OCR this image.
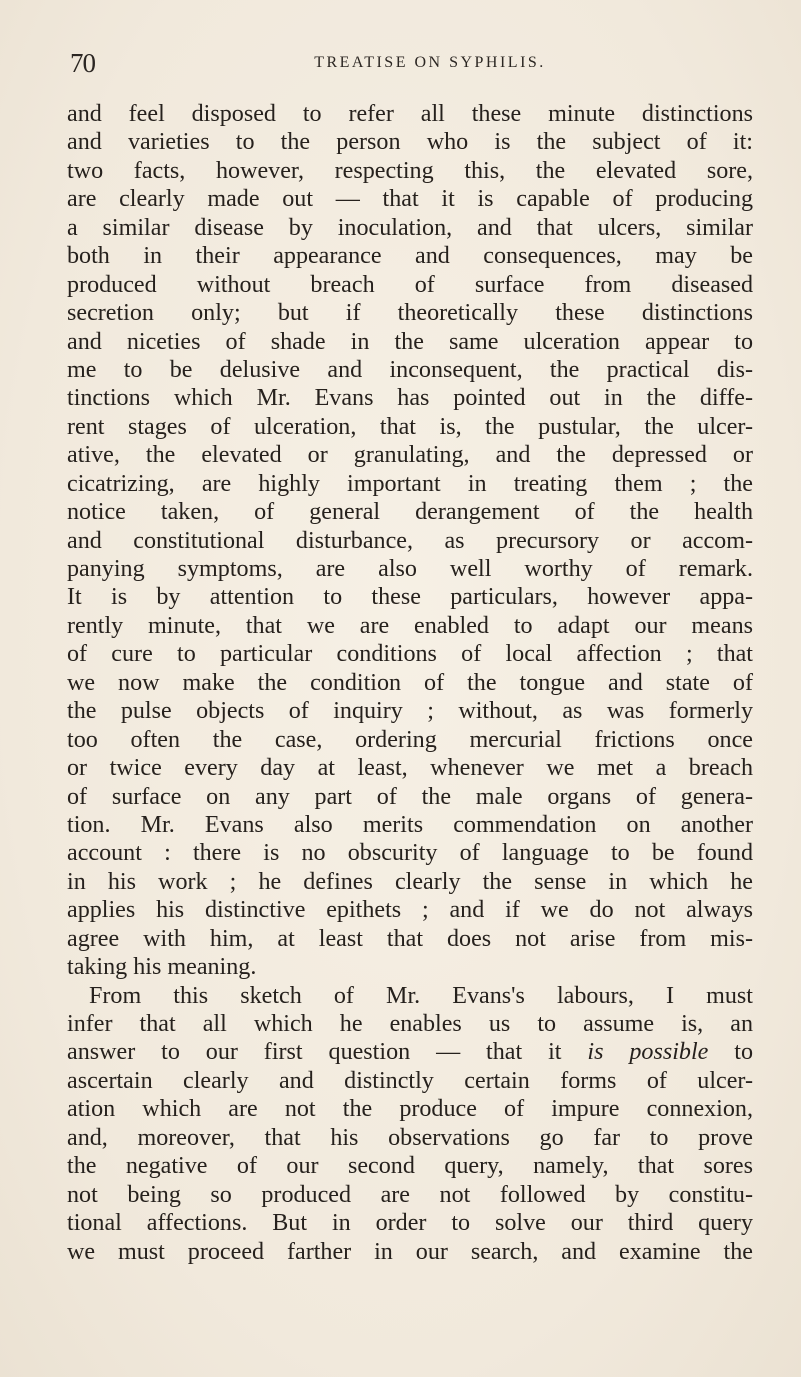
70	TREATISE ON SYPHILIS.
and feel disposed to refer all these minute distinctions
and varieties to the person who is the subject of it:
two facts, however, respecting this, the elevated sore,
are clearly made out — that it is capable of producing
a similar disease by inoculation, and that ulcers, similar
both in their appearance and consequences, may be
produced without breach of surface from diseased
secretion only; but if theoretically these distinctions
and niceties of shade in the same ulceration appear to
me to be delusive and inconsequent, the practical dis-
tinctions which Mr. Evans has pointed out in the diffe-
rent stages of ulceration, that is, the pustular, the ulcer-
ative, the elevated or granulating, and the depressed or
cicatrizing, are highly important in treating them ; the
notice taken, of general derangement of the health
and constitutional disturbance, as precursory or accom-
panying symptoms, are also well worthy of remark.
It is by attention to these particulars, however appa-
rently minute, that we are enabled to adapt our means
of cure to particular conditions of local affection ; that
we now make the condition of the tongue and state of
the pulse objects of inquiry ; without, as was formerly
too often the case, ordering mercurial frictions once
or twice every day at least, whenever we met a breach
of surface on any part of the male organs of genera-
tion. Mr. Evans also merits commendation on another
account : there is no obscurity of language to be found
in his work ; he defines clearly the sense in which he
applies his distinctive epithets ; and if we do not always
agree with him, at least that does not arise from mis-
taking his meaning.
From this sketch of Mr. Evans's labours, I must
infer that all which he enables us to assume is, an
answer to our first question — that it is possible to
ascertain clearly and distinctly certain forms of ulcer-
ation which are not the produce of impure connexion,
and, moreover, that his observations go far to prove
the negative of our second query, namely, that sores
not being so produced are not followed by constitu-
tional affections. But in order to solve our third query
we must proceed farther in our search, and examine the
